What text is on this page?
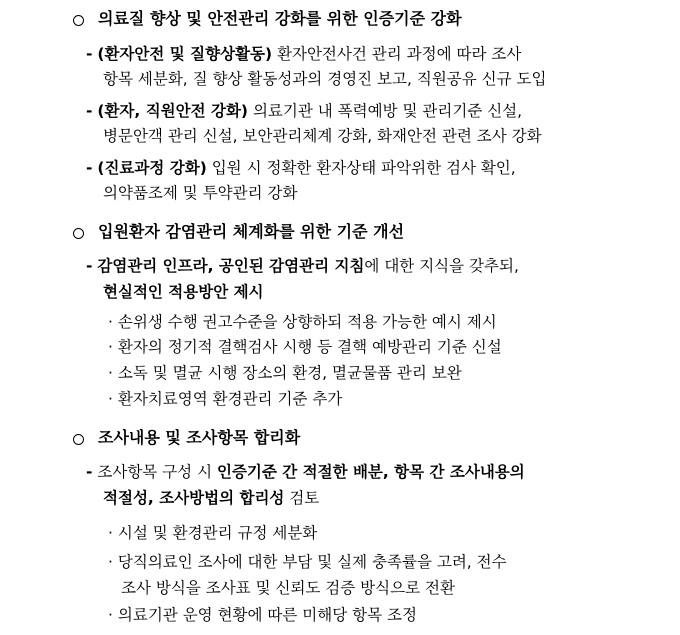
의료질 향상 및 안전관리 강화를 위한 인증기준 강화
- (환자안전 및 질향상활동) 환자안전사건 관리 과정에 따라 조사
항목 세분화, 질 향상 활동성과의 경영진 보고, 직원공유 신규 도입
- (환자, 직원안전 강화) 의료기관 내 폭력예방 및 관리기준 신설,
병문안객 관리 신설, 보안관리체계 강화, 화재안전 관련 조사 강화
- (진료과정 강화) 입원 시 정확한 환자상태 파악위한 검사 확인,
의약품조제 및 투약관리 강화
입원환자 감염관리 체계화를 위한 기준 개선
- 감염관리 인프라, 공인된 감염관리 지침에 대한 지식을 갖추되,
현실적인 적용방안 제시
· 손위생 수행 권고수준을 상향하되 적용 가능한 예시 제시
· 환자의 정기적 결핵검사 시행 등 결핵 예방관리 기준 신설
· 소독 및 멸균 시행 장소의 환경, 멸균물품 관리 보완
· 환자치료영역 환경관리 기준 추가
조사내용 및 조사항목 합리화
- 조사항목 구성 시 인증기준 간 적절한 배분, 항목 간 조사내용의
적절성, 조사방법의 합리성 검토
· 시설 및 환경관리 규정 세분화
· 당직의료인 조사에 대한 부담 및 실제 충족률을 고려, 전수
조사 방식을 조사표 및 신뢰도 검증 방식으로 전환
· 의료기관 운영 현황에 따른 미해당 항목 조정
